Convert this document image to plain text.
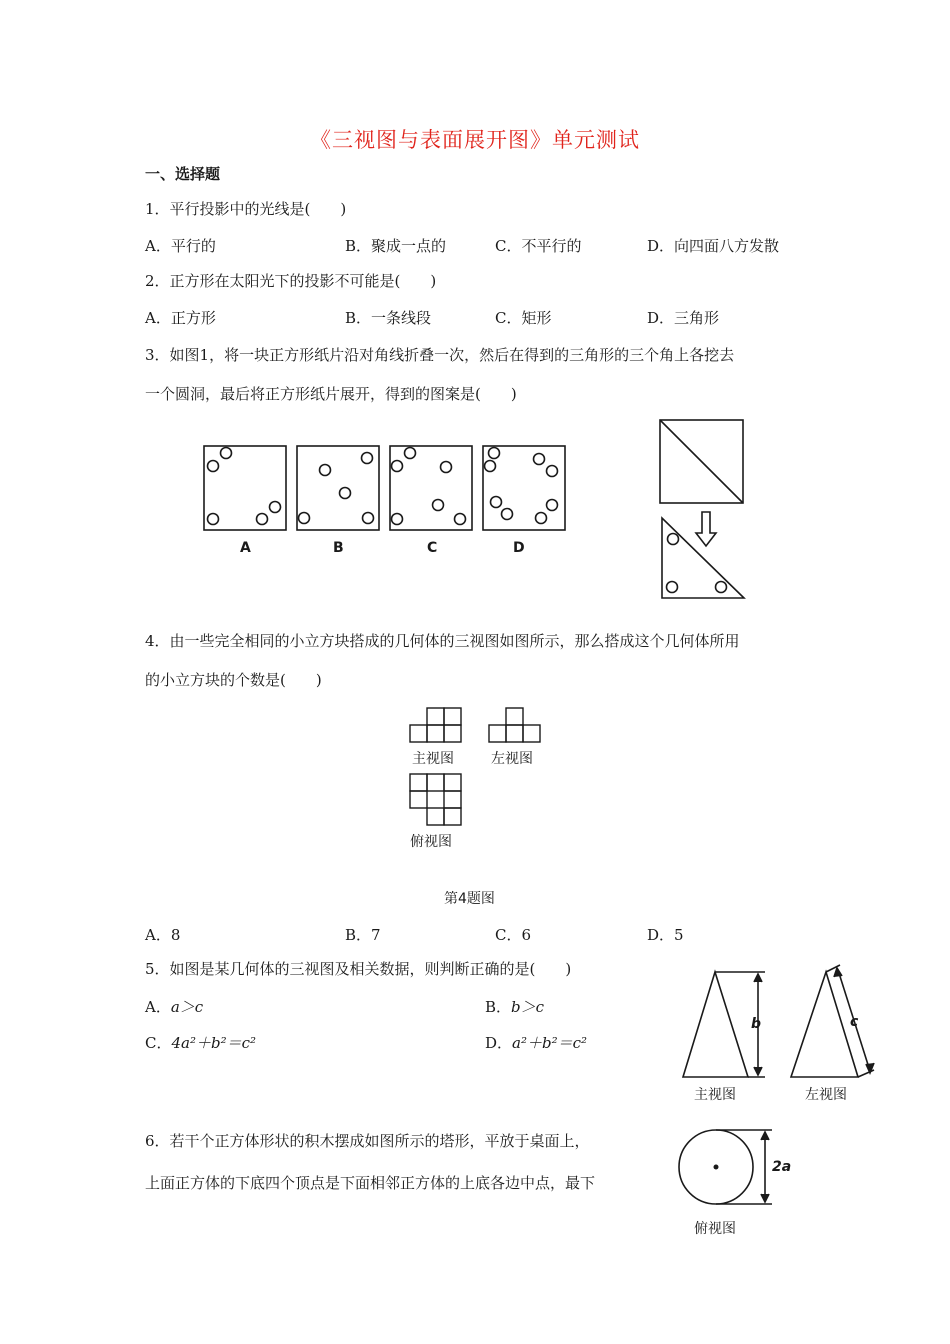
《三视图与表面展开图》单元测试
一、选择题
1．平行投影中的光线是(　　)
A．平行的	B．聚成一点的	C．不平行的	D．向四面八方发散
2．正方形在太阳光下的投影不可能是(　　)
A．正方形	B．一条线段	C．矩形	D．三角形
3．如图1，将一块正方形纸片沿对角线折叠一次，然后在得到的三角形的三个角上各挖去
一个圆洞，最后将正方形纸片展开，得到的图案是(　　)
A	B	C	D
4．由一些完全相同的小立方块搭成的几何体的三视图如图所示，那么搭成这个几何体所用
的小立方块的个数是(　　)
主视图	左视图
俯视图
第4题图
A．8	B．7	C．6	D．5
5．如图是某几何体的三视图及相关数据，则判断正确的是(　　)
A．a＞c	B．b＞c
C．4a²＋b²＝c²	D．a²＋b²＝c²
b	c
2a
主视图	左视图
俯视图
6．若干个正方体形状的积木摆成如图所示的塔形，平放于桌面上，
上面正方体的下底四个顶点是下面相邻正方体的上底各边中点，最下
